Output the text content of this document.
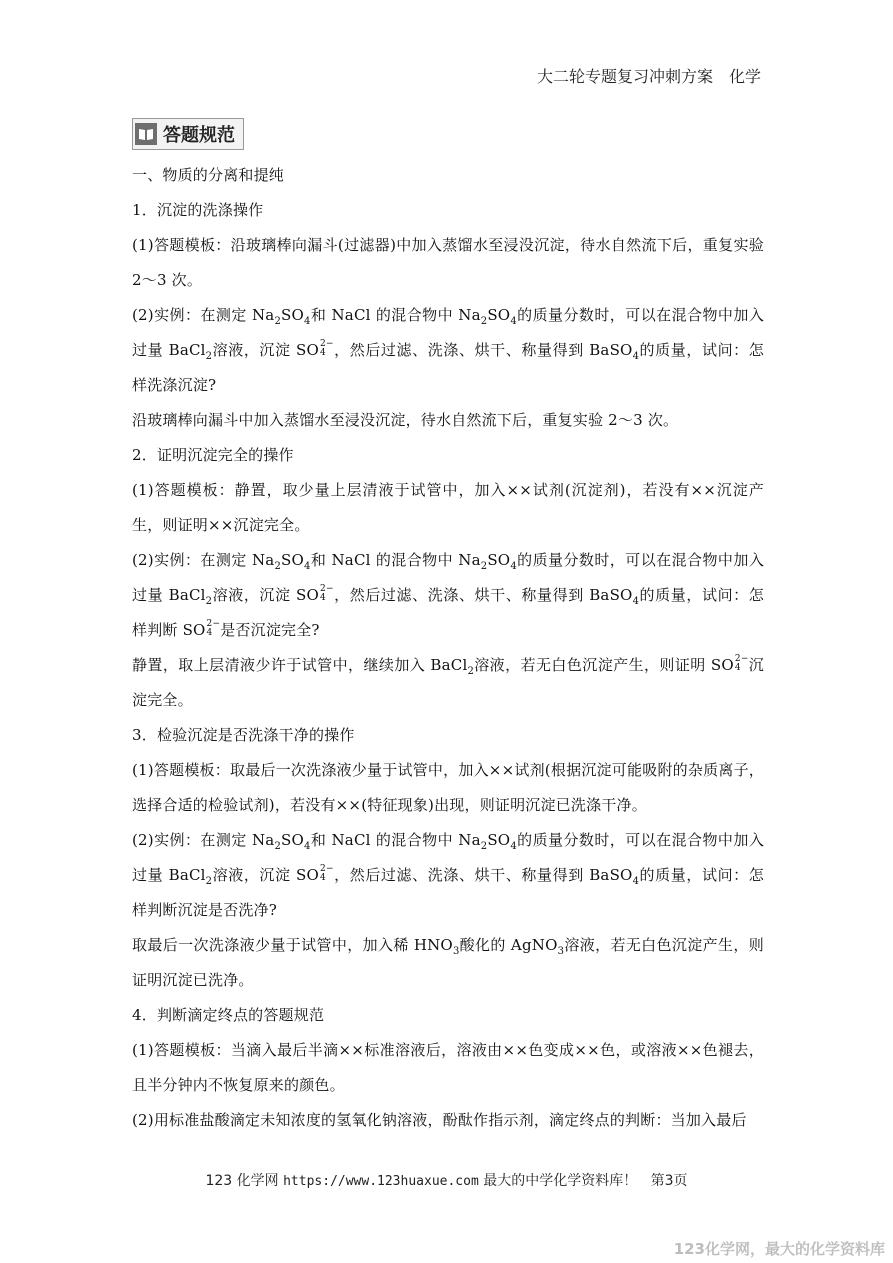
大二轮专题复习冲刺方案　化学
答题规范

一、物质的分离和提纯

1．沉淀的洗涤操作

(1)答题模板：沿玻璃棒向漏斗(过滤器)中加入蒸馏水至浸没沉淀，待水自然流下后，重复实验 2～3 次。

(2)实例：在测定 $Na_2SO_4$和 NaCl 的混合物中 $Na_2SO_4$的质量分数时，可以在混合物中加入过量 BaCl$_2$溶液，沉淀 SO 2−
4 ，然后过滤、洗涤、烘干、称量得到 BaSO$_4$的质量，试问：怎样洗涤沉淀?

沿玻璃棒向漏斗中加入蒸馏水至浸没沉淀，待水自然流下后，重复实验 2～3 次。

2．证明沉淀完全的操作

(1)答题模板：静置，取少量上层清液于试管中，加入××试剂(沉淀剂)，若没有××沉淀产生，则证明××沉淀完全。

(2)实例：在测定 $Na_2SO_4$和 NaCl 的混合物中 $Na_2SO_4$的质量分数时，可以在混合物中加入过量 BaCl$_2$溶液，沉淀 SO 2−
4 ，然后过滤、洗涤、烘干、称量得到 BaSO$_4$的质量，试问：怎样判断 SO 2−
4 是否沉淀完全?

静置，取上层清液少许于试管中，继续加入 BaCl$_2$溶液，若无白色沉淀产生，则证明 SO 2−
4 沉淀完全。

3．检验沉淀是否洗涤干净的操作

(1)答题模板：取最后一次洗涤液少量于试管中，加入××试剂(根据沉淀可能吸附的杂质离子，选择合适的检验试剂)，若没有××(特征现象)出现，则证明沉淀已洗涤干净。

(2)实例：在测定 $Na_2SO_4$和 NaCl 的混合物中 $Na_2SO_4$的质量分数时，可以在混合物中加入过量 BaCl$_2$溶液，沉淀 SO 2−
4 ，然后过滤、洗涤、烘干、称量得到 BaSO$_4$的质量，试问：怎样判断沉淀是否洗净?

取最后一次洗涤液少量于试管中，加入稀 $HNO_3$酸化的 AgNO$_3$溶液，若无白色沉淀产生，则证明沉淀已洗净。

4．判断滴定终点的答题规范

(1)答题模板：当滴入最后半滴××标准溶液后，溶液由××色变成××色，或溶液××色褪去，且半分钟内不恢复原来的颜色。

(2)用标准盐酸滴定未知浓度的氢氧化钠溶液，酚酞作指示剂，滴定终点的判断：当加入最后

123 化学网 https://www.123huaxue.com 最大的中学化学资料库！ 第3页
123化学网，最大的化学资料库
